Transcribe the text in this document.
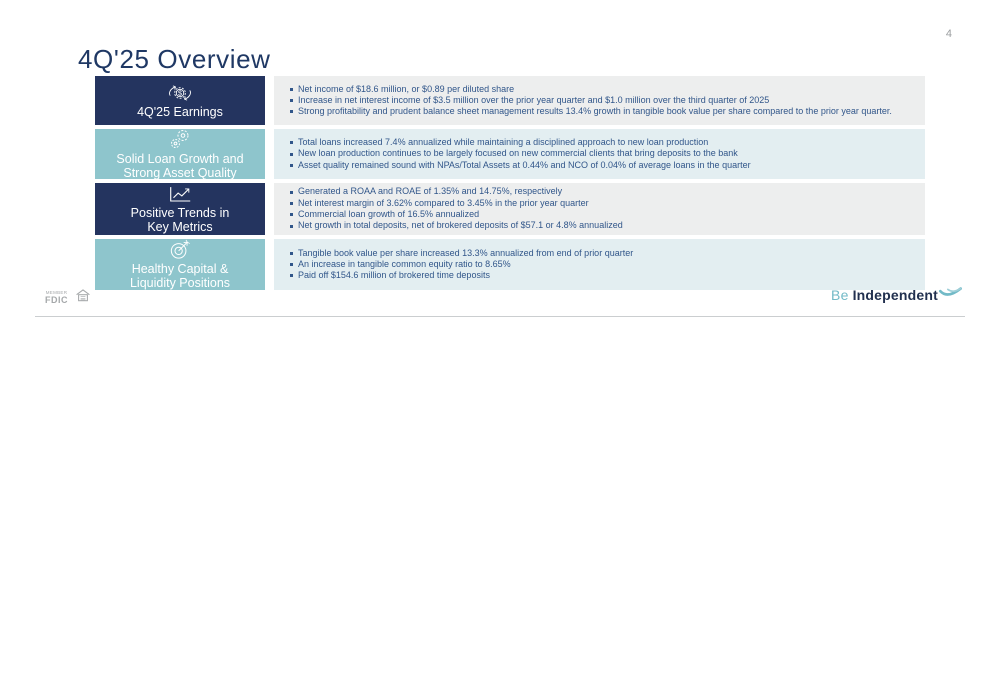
4
4Q'25 Overview
$
4Q'25 Earnings
Net income of $18.6 million, or $0.89 per diluted share
Increase in net interest income of $3.5 million over the prior year quarter and $1.0 million over the third quarter of 2025
Strong profitability and prudent balance sheet management results 13.4% growth in tangible book value per share compared to the prior year quarter.
Solid Loan Growth and
Strong Asset Quality
Total loans increased 7.4% annualized while maintaining a disciplined approach to new loan production
New loan production continues to be largely focused on new commercial clients that bring deposits to the bank
Asset quality remained sound with NPAs/Total Assets at 0.44% and NCO of 0.04% of average loans in the quarter
Positive Trends in
Key Metrics
Generated a ROAA and ROAE of 1.35% and 14.75%, respectively
Net interest margin of 3.62% compared to 3.45% in the prior year quarter
Commercial loan growth of 16.5% annualized
Net growth in total deposits, net of brokered deposits of $57.1 or 4.8% annualized
Healthy Capital &
Liquidity Positions
Tangible book value per share increased 13.3% annualized from end of prior quarter
An increase in tangible common equity ratio to 8.65%
Paid off $154.6 million of brokered time deposits
MEMBER
FDIC	Be Independent
